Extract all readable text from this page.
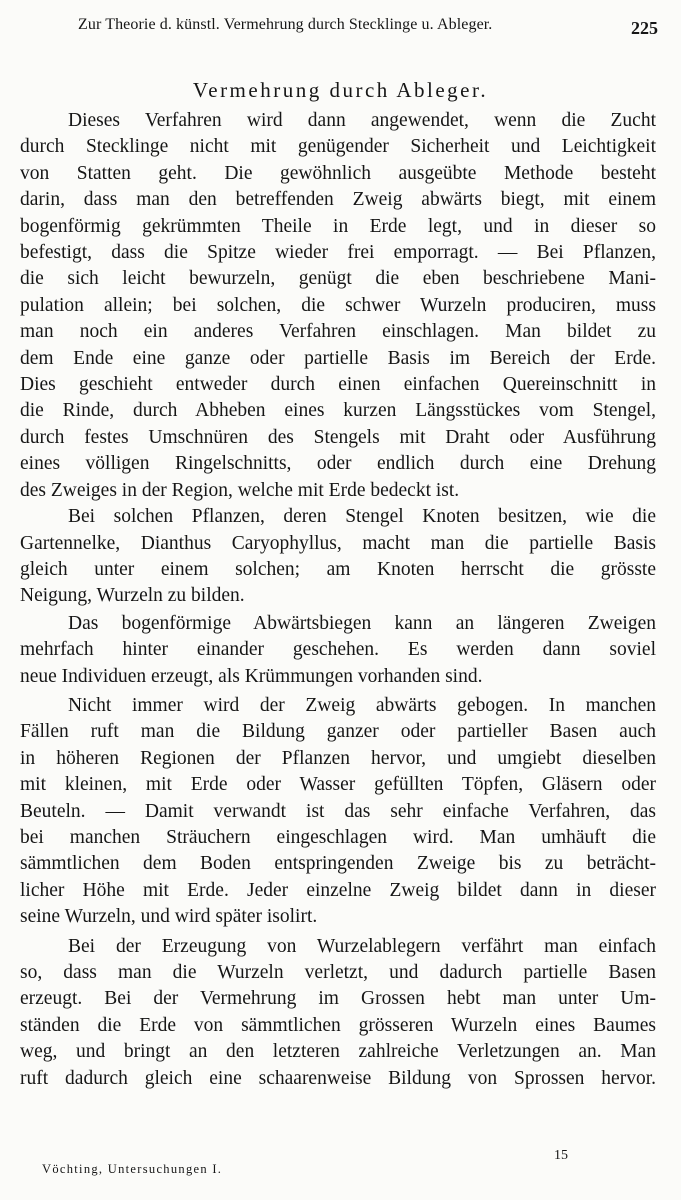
Zur Theorie d. künstl. Vermehrung durch Stecklinge u. Ableger.	225
Vermehrung durch Ableger.
Dieses Verfahren wird dann angewendet, wenn die Zucht
durch Stecklinge nicht mit genügender Sicherheit und Leichtigkeit
von Statten geht. Die gewöhnlich ausgeübte Methode besteht
darin, dass man den betreffenden Zweig abwärts biegt, mit einem
bogenförmig gekrümmten Theile in Erde legt, und in dieser so
befestigt, dass die Spitze wieder frei emporragt. — Bei Pflanzen,
die sich leicht bewurzeln, genügt die eben beschriebene Mani-
pulation allein; bei solchen, die schwer Wurzeln produciren, muss
man noch ein anderes Verfahren einschlagen. Man bildet zu
dem Ende eine ganze oder partielle Basis im Bereich der Erde.
Dies geschieht entweder durch einen einfachen Quereinschnitt in
die Rinde, durch Abheben eines kurzen Längsstückes vom Stengel,
durch festes Umschnüren des Stengels mit Draht oder Ausführung
eines völligen Ringelschnitts, oder endlich durch eine Drehung
des Zweiges in der Region, welche mit Erde bedeckt ist.
Bei solchen Pflanzen, deren Stengel Knoten besitzen, wie die
Gartennelke, Dianthus Caryophyllus, macht man die partielle Basis
gleich unter einem solchen; am Knoten herrscht die grösste
Neigung, Wurzeln zu bilden.
Das bogenförmige Abwärtsbiegen kann an längeren Zweigen
mehrfach hinter einander geschehen. Es werden dann soviel
neue Individuen erzeugt, als Krümmungen vorhanden sind.
Nicht immer wird der Zweig abwärts gebogen. In manchen
Fällen ruft man die Bildung ganzer oder partieller Basen auch
in höheren Regionen der Pflanzen hervor, und umgiebt dieselben
mit kleinen, mit Erde oder Wasser gefüllten Töpfen, Gläsern oder
Beuteln. — Damit verwandt ist das sehr einfache Verfahren, das
bei manchen Sträuchern eingeschlagen wird. Man umhäuft die
sämmtlichen dem Boden entspringenden Zweige bis zu beträcht-
licher Höhe mit Erde. Jeder einzelne Zweig bildet dann in dieser
seine Wurzeln, und wird später isolirt.
Bei der Erzeugung von Wurzelablegern verfährt man einfach
so, dass man die Wurzeln verletzt, und dadurch partielle Basen
erzeugt. Bei der Vermehrung im Grossen hebt man unter Um-
ständen die Erde von sämmtlichen grösseren Wurzeln eines Baumes
weg, und bringt an den letzteren zahlreiche Verletzungen an. Man
ruft dadurch gleich eine schaarenweise Bildung von Sprossen hervor.
Vöchting, Untersuchungen I.
15
